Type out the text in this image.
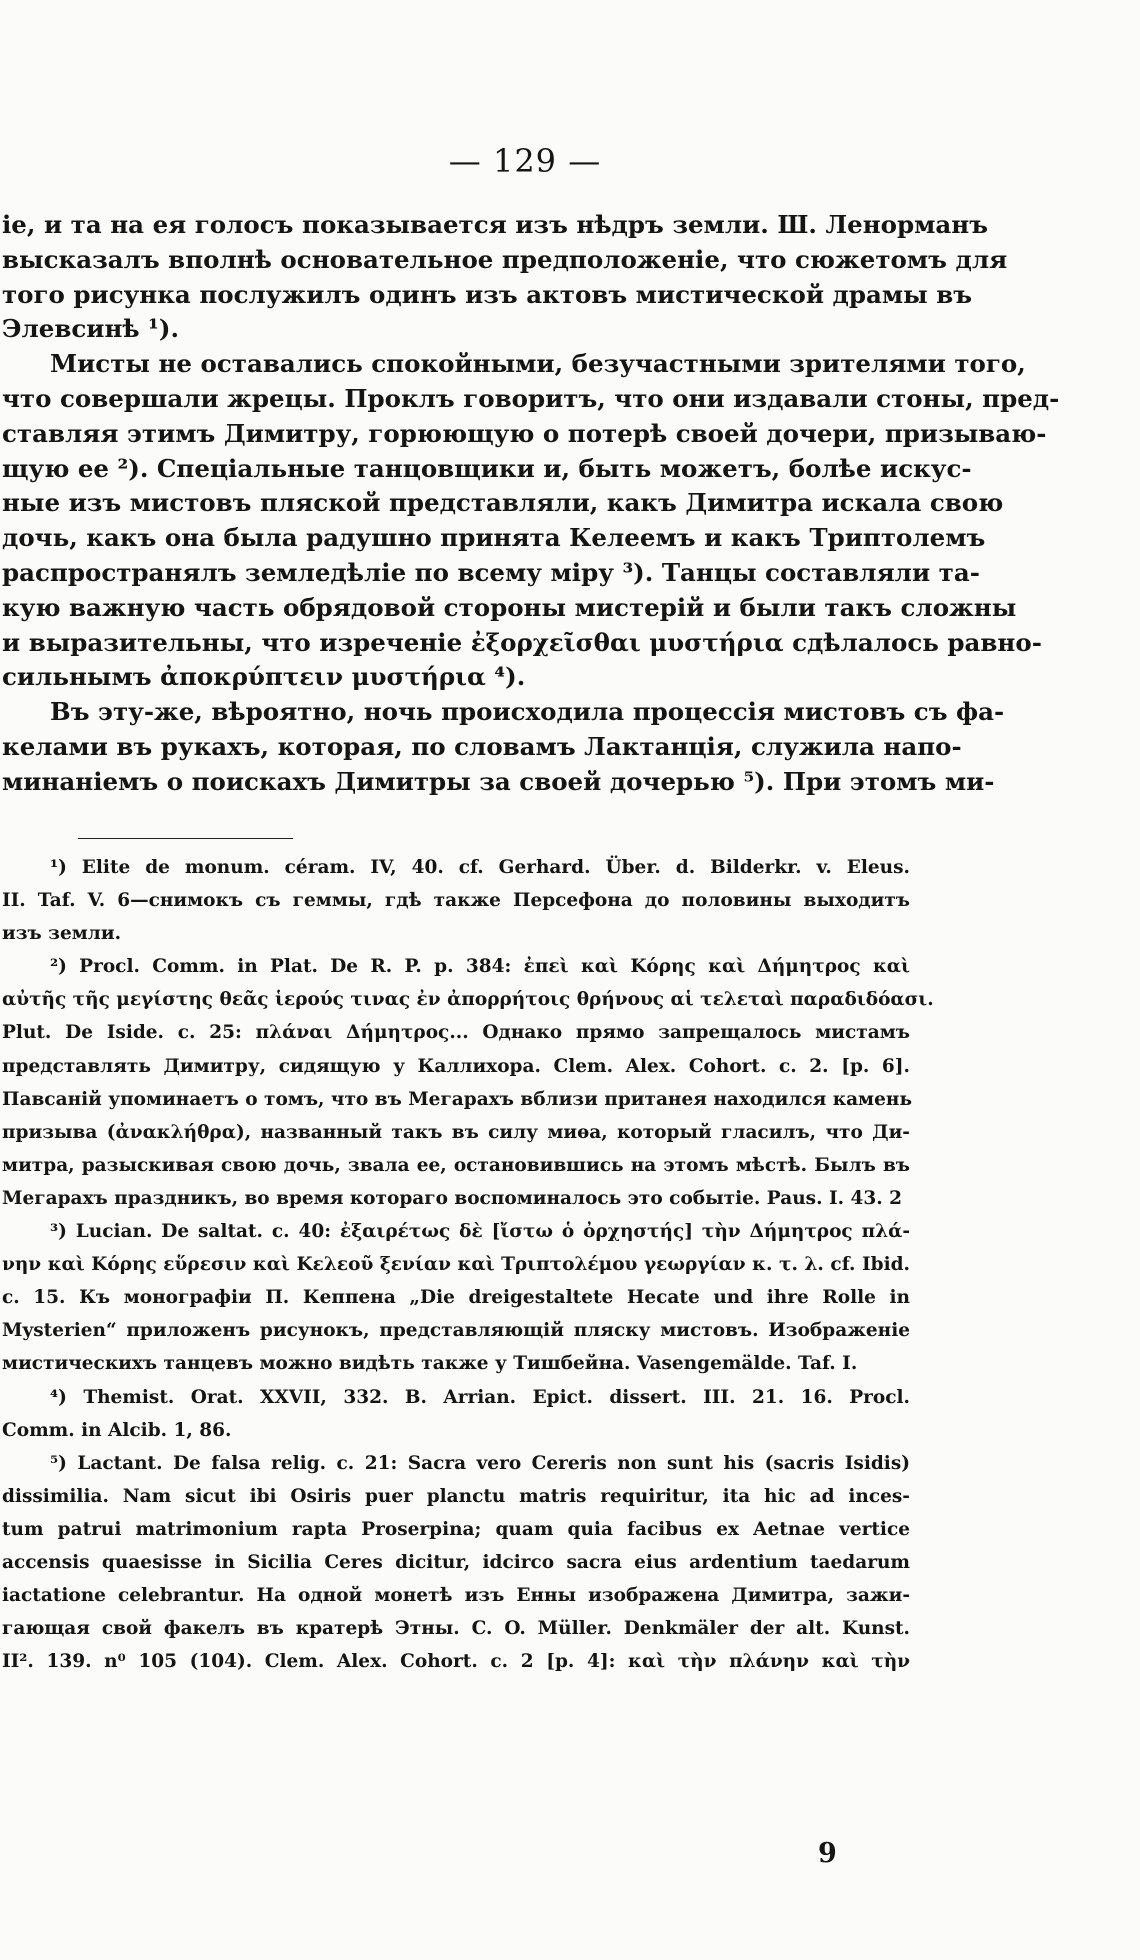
— 129 —
іе, и та на ея голосъ показывается изъ нѣдръ земли. Ш. Ленорманъ
высказалъ вполнѣ основательное предположеніе, что сюжетомъ для
того рисунка послужилъ одинъ изъ актовъ мистической драмы въ
Элевсинѣ ¹).
Мисты не оставались спокойными, безучастными зрителями того,
что совершали жрецы. Проклъ говоритъ, что они издавали стоны, пред-
ставляя этимъ Димитру, горюющую о потерѣ своей дочери, призываю-
щую ее ²). Спеціальные танцовщики и, быть можетъ, болѣе искус-
ные изъ мистовъ пляской представляли, какъ Димитра искала свою
дочь, какъ она была радушно принята Келеемъ и какъ Триптолемъ
распространялъ земледѣліе по всему міру ³). Танцы составляли та-
кую важную часть обрядовой стороны мистерій и были такъ сложны
и выразительны, что изреченіе ἐξορχεῖσθαι μυστήρια сдѣлалось равно-
сильнымъ ἀποκρύπτειν μυστήρια ⁴).
Въ эту-же, вѣроятно, ночь происходила процессія мистовъ съ фа-
келами въ рукахъ, которая, по словамъ Лактанція, служила напо-
минаніемъ о поискахъ Димитры за своей дочерью ⁵). При этомъ ми-
¹) Elite de monum. céram. IV, 40. cf. Gerhard. Über. d. Bilderkr. v. Eleus.
II. Taf. V. 6—снимокъ съ геммы, гдѣ также Персефона до половины выходитъ
изъ земли.
²) Procl. Comm. in Plat. De R. P. p. 384: ἐπεὶ καὶ Κόρης καὶ Δήμητρος καὶ
αὐτῆς τῆς μεγίστης θεᾶς ἱερούς τινας ἐν ἀπορρήτοις θρήνους αἱ τελεταὶ παραδιδόασι.
Plut. De Iside. c. 25: πλάναι Δήμητρος... Однако прямо запрещалось мистамъ
представлять Димитру, сидящую у Каллихора. Clem. Alex. Cohort. c. 2. [p. 6].
Павсаній упоминаетъ о томъ, что въ Мегарахъ вблизи пританея находился камень
призыва (ἀνακλήθρα), названный такъ въ силу миѳа, который гласилъ, что Ди-
митра, разыскивая свою дочь, звала ее, остановившись на этомъ мѣстѣ. Былъ въ
Мегарахъ праздникъ, во время котораго воспоминалось это событіе. Paus. I. 43. 2
³) Lucian. De saltat. c. 40: ἐξαιρέτως δὲ [ἴστω ὁ ὀρχηστής] τὴν Δήμητρος πλά-
νην καὶ Κόρης εὕρεσιν καὶ Κελεοῦ ξενίαν καὶ Τριπτολέμου γεωργίαν κ. τ. λ. cf. Ibid.
c. 15. Къ монографіи П. Кеппена „Die dreigestaltete Hecate und ihre Rolle in
Mysterien“ приложенъ рисунокъ, представляющій пляску мистовъ. Изображеніе
мистическихъ танцевъ можно видѣть также у Тишбейна. Vasengemälde. Taf. I.
⁴) Themist. Orat. XXVII, 332. B. Arrian. Epict. dissert. III. 21. 16. Procl.
Comm. in Alcib. 1, 86.
⁵) Lactant. De falsa relig. c. 21: Sacra vero Cereris non sunt his (sacris Isidis)
dissimilia. Nam sicut ibi Osiris puer planctu matris requiritur, ita hic ad inces-
tum patrui matrimonium rapta Proserpina; quam quia facibus ex Aetnae vertice
accensis quaesisse in Sicilia Ceres dicitur, idcirco sacra eius ardentium taedarum
iactatione celebrantur. На одной монетѣ изъ Енны изображена Димитра, зажи-
гающая свой факелъ въ кратерѣ Этны. C. O. Müller. Denkmäler der alt. Kunst.
II². 139. n⁰ 105 (104). Clem. Alex. Cohort. c. 2 [p. 4]: καὶ τὴν πλάνην καὶ τὴν
9
